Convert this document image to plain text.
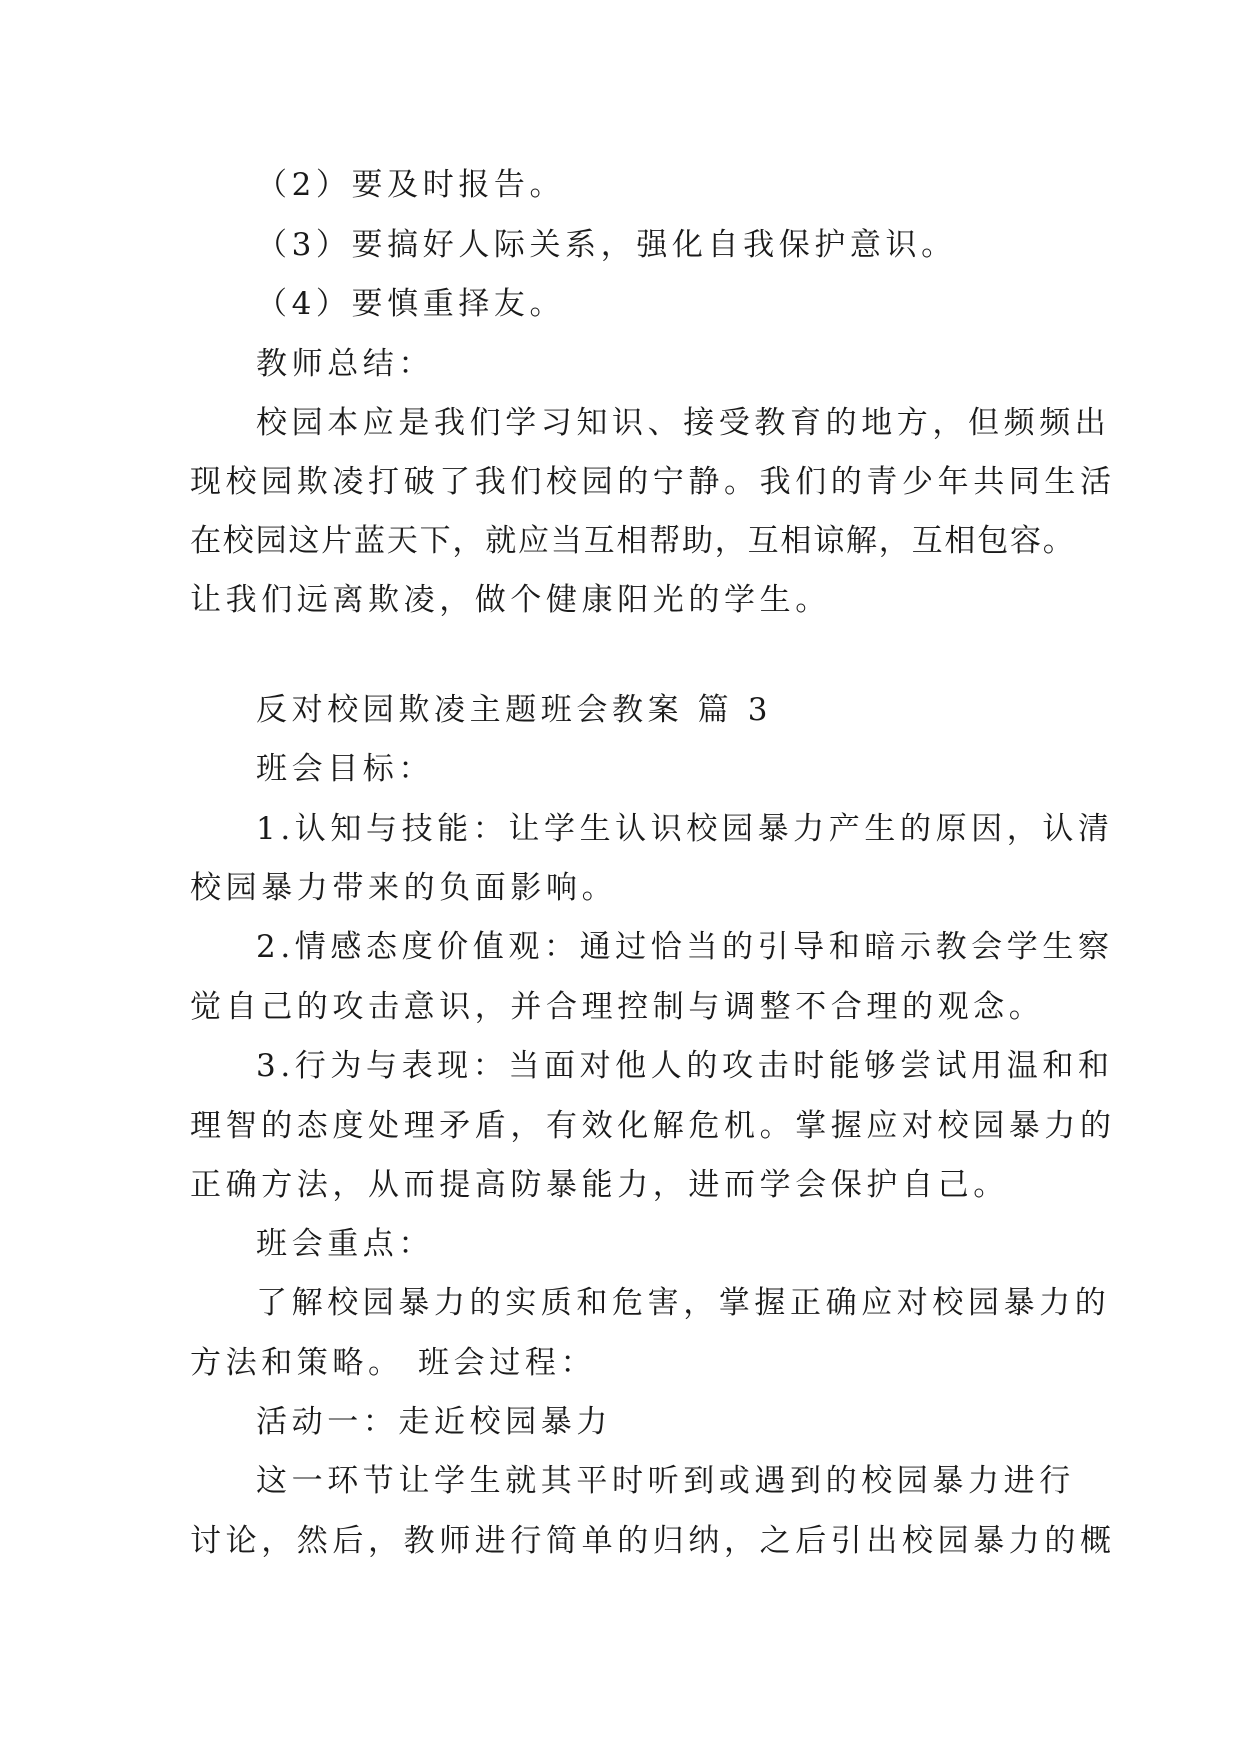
（2）要及时报告。
（3）要搞好人际关系，强化自我保护意识。
（4）要慎重择友。
教师总结：
校园本应是我们学习知识、接受教育的地方，但频频出
现校园欺凌打破了我们校园的宁静。我们的青少年共同生活
在校园这片蓝天下，就应当互相帮助，互相谅解，互相包容。
让我们远离欺凌，做个健康阳光的学生。
反对校园欺凌主题班会教案 篇 3
班会目标：
1.认知与技能：让学生认识校园暴力产生的原因，认清
校园暴力带来的负面影响。
2.情感态度价值观：通过恰当的引导和暗示教会学生察
觉自己的攻击意识，并合理控制与调整不合理的观念。
3.行为与表现：当面对他人的攻击时能够尝试用温和和
理智的态度处理矛盾，有效化解危机。掌握应对校园暴力的
正确方法，从而提高防暴能力，进而学会保护自己。
班会重点：
了解校园暴力的实质和危害，掌握正确应对校园暴力的
方法和策略。 班会过程：
活动一：走近校园暴力
这一环节让学生就其平时听到或遇到的校园暴力进行
讨论，然后，教师进行简单的归纳，之后引出校园暴力的概
